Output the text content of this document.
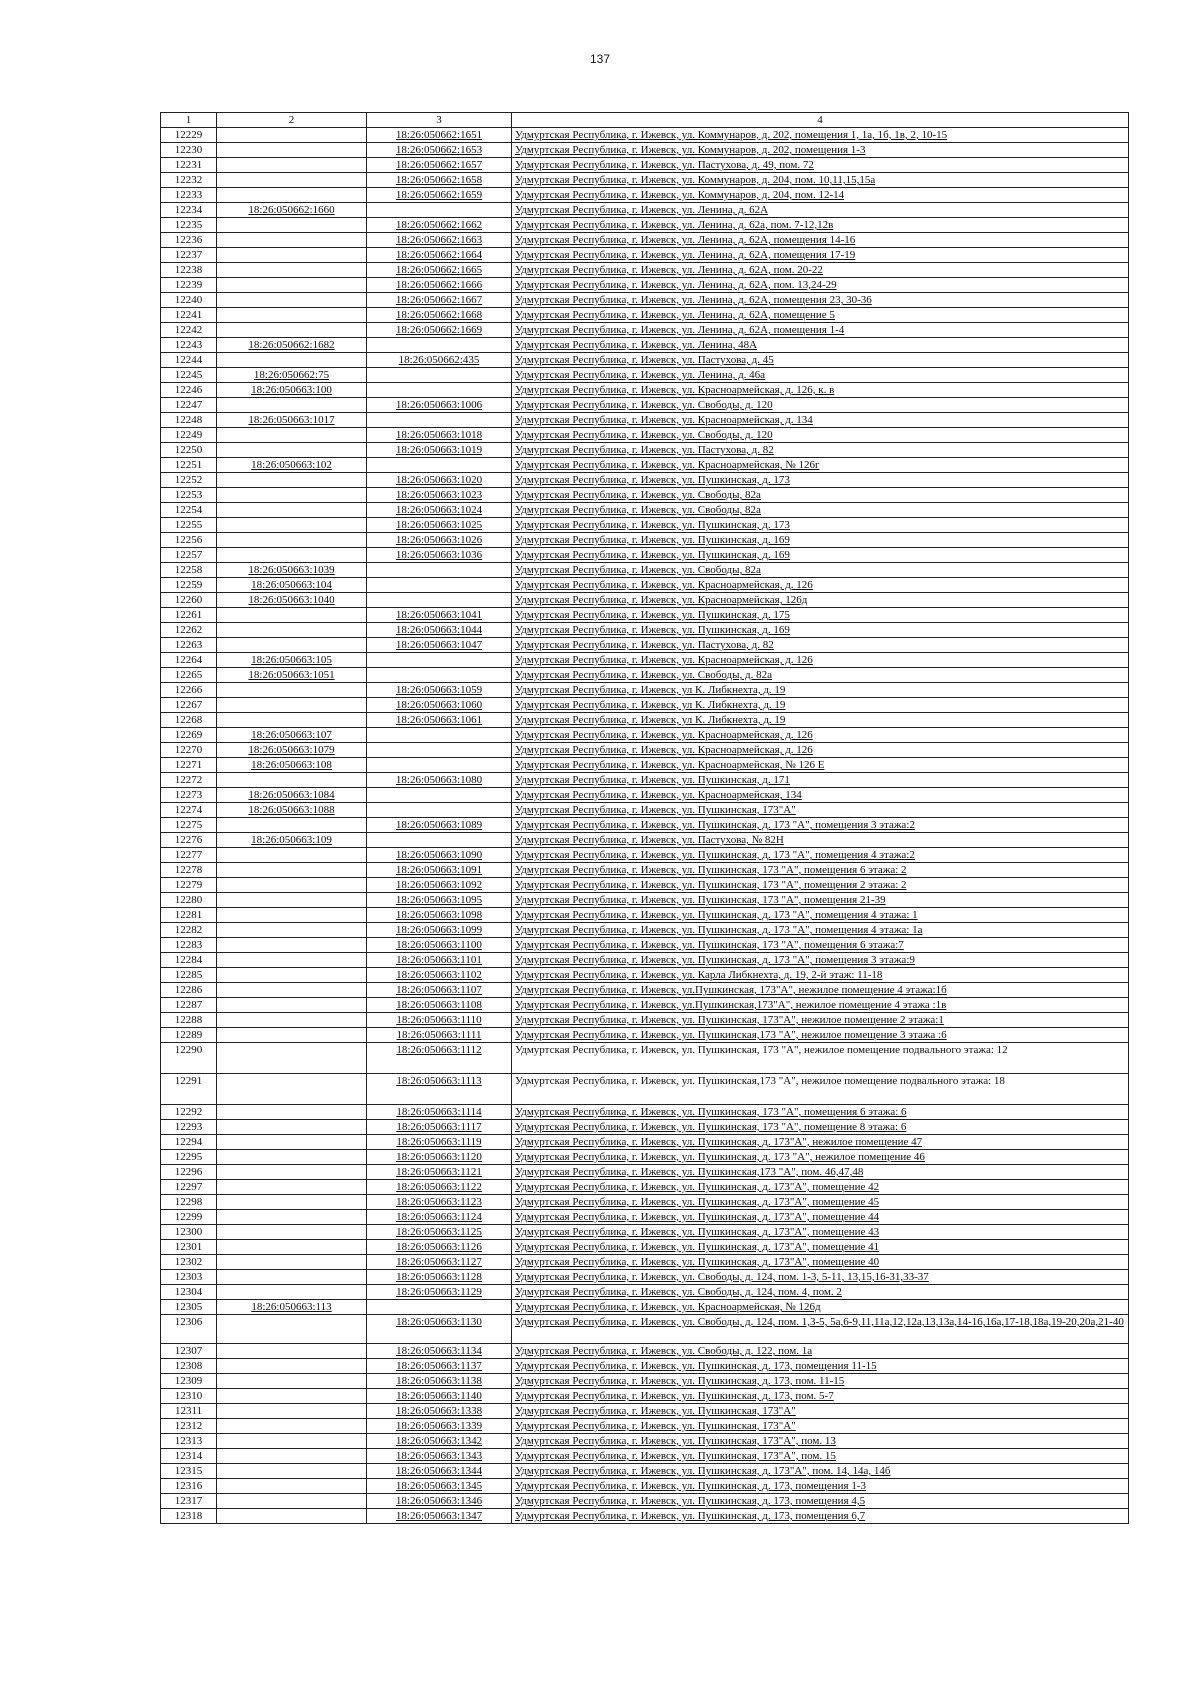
137
1	2	3	4
12229		18:26:050662:1651	Удмуртская Республика, г. Ижевск, ул. Коммунаров, д. 202, помещения 1, 1а, 1б, 1в, 2, 10-15
12230		18:26:050662:1653	Удмуртская Республика, г. Ижевск, ул. Коммунаров, д. 202, помещения 1-3
12231		18:26:050662:1657	Удмуртская Республика, г. Ижевск, ул. Пастухова, д. 49, пом. 72
12232		18:26:050662:1658	Удмуртская Республика, г. Ижевск, ул. Коммунаров, д. 204, пом. 10,11,15,15а
12233		18:26:050662:1659	Удмуртская Республика, г. Ижевск, ул. Коммунаров, д. 204, пом. 12-14
12234	18:26:050662:1660		Удмуртская Республика, г. Ижевск, ул. Ленина, д. 62А
12235		18:26:050662:1662	Удмуртская Республика, г. Ижевск, ул. Ленина, д. 62а, пом. 7-12,12в
12236		18:26:050662:1663	Удмуртская Республика, г. Ижевск, ул. Ленина, д. 62А, помещения 14-16
12237		18:26:050662:1664	Удмуртская Республика, г. Ижевск, ул. Ленина, д. 62А, помещения 17-19
12238		18:26:050662:1665	Удмуртская Республика, г. Ижевск, ул. Ленина, д. 62А, пом. 20-22
12239		18:26:050662:1666	Удмуртская Республика, г. Ижевск, ул. Ленина, д. 62А, пом. 13,24-29
12240		18:26:050662:1667	Удмуртская Республика, г. Ижевск, ул. Ленина, д. 62А, помещения 23, 30-36
12241		18:26:050662:1668	Удмуртская Республика, г. Ижевск, ул. Ленина, д. 62А, помещение 5
12242		18:26:050662:1669	Удмуртская Республика, г. Ижевск, ул. Ленина, д. 62А, помещения 1-4
12243	18:26:050662:1682		Удмуртская Республика, г. Ижевск, ул. Ленина, 48А
12244		18:26:050662:435	Удмуртская Республика, г. Ижевск, ул. Пастухова, д. 45
12245	18:26:050662:75		Удмуртская Республика, г. Ижевск, ул. Ленина, д. 46а
12246	18:26:050663:100		Удмуртская Республика, г. Ижевск, ул. Красноармейская, д. 126, к. в
12247		18:26:050663:1006	Удмуртская Республика, г. Ижевск, ул. Свободы, д. 120
12248	18:26:050663:1017		Удмуртская Республика, г. Ижевск, ул. Красноармейская, д. 134
12249		18:26:050663:1018	Удмуртская Республика, г. Ижевск, ул. Свободы, д. 120
12250		18:26:050663:1019	Удмуртская Республика, г. Ижевск, ул. Пастухова, д. 82
12251	18:26:050663:102		Удмуртская Республика, г. Ижевск, ул. Красноармейская, № 126г
12252		18:26:050663:1020	Удмуртская Республика, г. Ижевск, ул. Пушкинская, д. 173
12253		18:26:050663:1023	Удмуртская Республика, г. Ижевск, ул. Свободы, 82а
12254		18:26:050663:1024	Удмуртская Республика, г. Ижевск, ул. Свободы, 82а
12255		18:26:050663:1025	Удмуртская Республика, г. Ижевск, ул. Пушкинская, д. 173
12256		18:26:050663:1026	Удмуртская Республика, г. Ижевск, ул. Пушкинская, д. 169
12257		18:26:050663:1036	Удмуртская Республика, г. Ижевск, ул. Пушкинская, д. 169
12258	18:26:050663:1039		Удмуртская Республика, г. Ижевск, ул. Свободы, 82а
12259	18:26:050663:104		Удмуртская Республика, г. Ижевск, ул. Красноармейская, д. 126
12260	18:26:050663:1040		Удмуртская Республика, г. Ижевск, ул. Красноармейская, 126д
12261		18:26:050663:1041	Удмуртская Республика, г. Ижевск, ул. Пушкинская, д. 175
12262		18:26:050663:1044	Удмуртская Республика, г. Ижевск, ул. Пушкинская, д. 169
12263		18:26:050663:1047	Удмуртская Республика, г. Ижевск, ул. Пастухова, д. 82
12264	18:26:050663:105		Удмуртская Республика, г. Ижевск, ул. Красноармейская, д. 126
12265	18:26:050663:1051		Удмуртская Республика, г. Ижевск, ул. Свободы, д. 82а
12266		18:26:050663:1059	Удмуртская Республика, г. Ижевск, ул К. Либкнехта, д. 19
12267		18:26:050663:1060	Удмуртская Республика, г. Ижевск, ул К. Либкнехта, д. 19
12268		18:26:050663:1061	Удмуртская Республика, г. Ижевск, ул К. Либкнехта, д. 19
12269	18:26:050663:107		Удмуртская Республика, г. Ижевск, ул. Красноармейская, д. 126
12270	18:26:050663:1079		Удмуртская Республика, г. Ижевск, ул. Красноармейская, д. 126
12271	18:26:050663:108		Удмуртская Республика, г. Ижевск, ул. Красноармейская, № 126 Е
12272		18:26:050663:1080	Удмуртская Республика, г. Ижевск, ул. Пушкинская, д. 171
12273	18:26:050663:1084		Удмуртская Республика, г. Ижевск, ул. Красноармейская, 134
12274	18:26:050663:1088		Удмуртская Республика, г. Ижевск, ул. Пушкинская, 173"А"
12275		18:26:050663:1089	Удмуртская Республика, г. Ижевск, ул. Пушкинская, д. 173 "А", помещения 3 этажа:2
12276	18:26:050663:109		Удмуртская Республика, г. Ижевск, ул. Пастухова, № 82Н
12277		18:26:050663:1090	Удмуртская Республика, г. Ижевск, ул. Пушкинская, д. 173 "А", помещения 4 этажа:2
12278		18:26:050663:1091	Удмуртская Республика, г. Ижевск, ул. Пушкинская, 173 "А", помещения 6 этажа: 2
12279		18:26:050663:1092	Удмуртская Республика, г. Ижевск, ул. Пушкинская, 173 "А", помещения 2 этажа: 2
12280		18:26:050663:1095	Удмуртская Республика, г. Ижевск, ул. Пушкинская, 173 "А", помещения 21-39
12281		18:26:050663:1098	Удмуртская Республика, г. Ижевск, ул. Пушкинская, д. 173 "А", помещения 4 этажа: 1
12282		18:26:050663:1099	Удмуртская Республика, г. Ижевск, ул. Пушкинская, д. 173 "А", помещения 4 этажа: 1а
12283		18:26:050663:1100	Удмуртская Республика, г. Ижевск, ул. Пушкинская, 173 "А", помещения 6 этажа:7
12284		18:26:050663:1101	Удмуртская Республика, г. Ижевск, ул. Пушкинская, д. 173 "А", помещения 3 этажа:9
12285		18:26:050663:1102	Удмуртская Республика, г. Ижевск, ул. Карла Либкнехта, д. 19, 2-й этаж: 11-18
12286		18:26:050663:1107	Удмуртская Республика, г. Ижевск, ул.Пушкинская, 173"А", нежилое помещение 4 этажа:1б
12287		18:26:050663:1108	Удмуртская Республика, г. Ижевск, ул.Пушкинская,173"А", нежилое помещение 4 этажа :1в
12288		18:26:050663:1110	Удмуртская Республика, г. Ижевск, ул. Пушкинская, 173"А", нежилое помещение 2 этажа:1
12289		18:26:050663:1111	Удмуртская Республика, г. Ижевск, ул. Пушкинская,173 "А", нежилое помещение 3 этажа :6
12290		18:26:050663:1112	Удмуртская Республика, г. Ижевск, ул. Пушкинская, 173 "А", нежилое помещение подвального этажа: 12
12291		18:26:050663:1113	Удмуртская Республика, г. Ижевск, ул. Пушкинская,173 "А", нежилое помещение подвального этажа: 18
12292		18:26:050663:1114	Удмуртская Республика, г. Ижевск, ул. Пушкинская, 173 "А", помещения 6 этажа: 6
12293		18:26:050663:1117	Удмуртская Республика, г. Ижевск, ул. Пушкинская, 173 "А", помещение 8 этажа: 6
12294		18:26:050663:1119	Удмуртская Республика, г. Ижевск, ул. Пушкинская, д. 173"А", нежилое помещение 47
12295		18:26:050663:1120	Удмуртская Республика, г. Ижевск, ул. Пушкинская, д. 173 "А", нежилое помещение 46
12296		18:26:050663:1121	Удмуртская Республика, г. Ижевск, ул. Пушкинская,173 "А", пом. 46,47,48
12297		18:26:050663:1122	Удмуртская Республика, г. Ижевск, ул. Пушкинская, д. 173"А", помещение 42
12298		18:26:050663:1123	Удмуртская Республика, г. Ижевск, ул. Пушкинская, д. 173"А", помещение 45
12299		18:26:050663:1124	Удмуртская Республика, г. Ижевск, ул. Пушкинская, д. 173"А", помещение 44
12300		18:26:050663:1125	Удмуртская Республика, г. Ижевск, ул. Пушкинская, д. 173"А", помещение 43
12301		18:26:050663:1126	Удмуртская Республика, г. Ижевск, ул. Пушкинская, д. 173"А", помещение 41
12302		18:26:050663:1127	Удмуртская Республика, г. Ижевск, ул. Пушкинская, д. 173"А", помещение 40
12303		18:26:050663:1128	Удмуртская Республика, г. Ижевск, ул. Свободы, д. 124, пом. 1-3, 5-11, 13,15,16-31,33-37
12304		18:26:050663:1129	Удмуртская Республика, г. Ижевск, ул. Свободы, д. 124, пом. 4, пом. 2
12305	18:26:050663:113		Удмуртская Республика, г. Ижевск, ул. Красноармейская, № 126д
12306		18:26:050663:1130	Удмуртская Республика, г. Ижевск, ул. Свободы, д. 124, пом. 1,3-5, 5а,6-9,11,11а,12,12а,13,13а,14-16,16а,17-18,18а,19-20,20а,21-40
12307		18:26:050663:1134	Удмуртская Республика, г. Ижевск, ул. Свободы, д. 122, пом. 1а
12308		18:26:050663:1137	Удмуртская Республика, г. Ижевск, ул. Пушкинская, д. 173, помещения 11-15
12309		18:26:050663:1138	Удмуртская Республика, г. Ижевск, ул. Пушкинская, д. 173, пом. 11-15
12310		18:26:050663:1140	Удмуртская Республика, г. Ижевск, ул. Пушкинская, д. 173, пом. 5-7
12311		18:26:050663:1338	Удмуртская Республика, г. Ижевск, ул. Пушкинская, 173"А"
12312		18:26:050663:1339	Удмуртская Республика, г. Ижевск, ул. Пушкинская, 173"А"
12313		18:26:050663:1342	Удмуртская Республика, г. Ижевск, ул. Пушкинская, 173"А", пом. 13
12314		18:26:050663:1343	Удмуртская Республика, г. Ижевск, ул. Пушкинская, 173"А", пом. 15
12315		18:26:050663:1344	Удмуртская Республика, г. Ижевск, ул. Пушкинская, д. 173"А", пом. 14, 14а, 14б
12316		18:26:050663:1345	Удмуртская Республика, г. Ижевск, ул. Пушкинская, д. 173, помещения 1-3
12317		18:26:050663:1346	Удмуртская Республика, г. Ижевск, ул. Пушкинская, д. 173, помещения 4,5
12318		18:26:050663:1347	Удмуртская Республика, г. Ижевск, ул. Пушкинская, д. 173, помещения 6,7
